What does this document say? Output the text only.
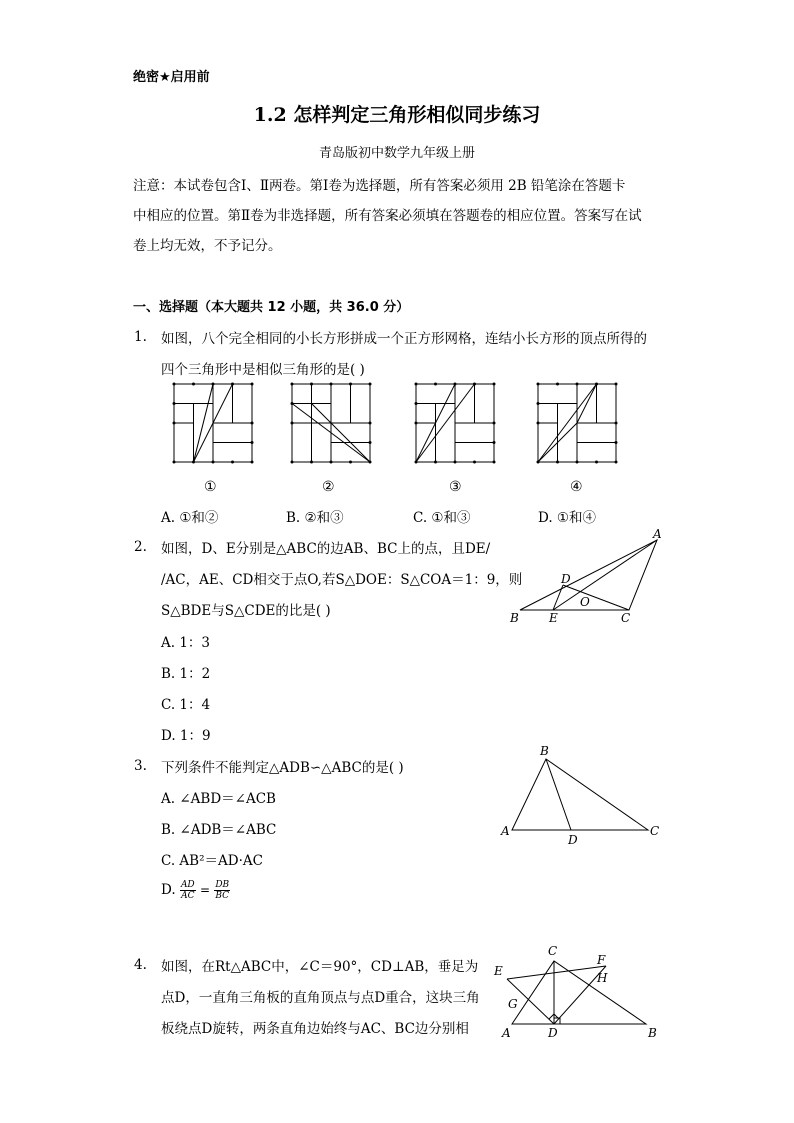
绝密★启用前
1.2 怎样判定三角形相似同步练习
青岛版初中数学九年级上册
注意：本试卷包含Ⅰ、Ⅱ两卷。第Ⅰ卷为选择题，所有答案必须用 2B 铅笔涂在答题卡
中相应的位置。第Ⅱ卷为非选择题，所有答案必须填在答题卷的相应位置。答案写在试
卷上均无效，不予记分。
一、选择题（本大题共 12 小题，共 36.0 分）
1. 如图，八个完全相同的小长方形拼成一个正方形网格，连结小长方形的顶点所得的
四个三角形中是相似三角形的是( )
①	②	③	④
A. ①和②	B. ②和③	C. ①和③	D. ①和④
2. 如图，D、E分别是△ABC的边AB、BC上的点，且DE/
/AC，AE、CD相交于点O,若S△DOE：S△COA＝1：9，则
S△BDE与S△CDE的比是( )
A. 1：3
B. 1：2
C. 1：4
D. 1：9
A
D
O
B	E	C
3. 下列条件不能判定△ADB∽△ABC的是( )
A. ∠ABD＝∠ACB
B. ∠ADB＝∠ABC
C. AB²＝AD·AC
D. $\frac{AD}{AC} = \frac{DB}{BC}$
B
A
D
C
4. 如图，在Rt△ABC中，∠C＝90°，CD⊥AB，垂足为
点D，一直角三角板的直角顶点与点D重合，这块三角
板绕点D旋转，两条直角边始终与AC、BC边分别相
C
F
E	H
G
A	D	B
